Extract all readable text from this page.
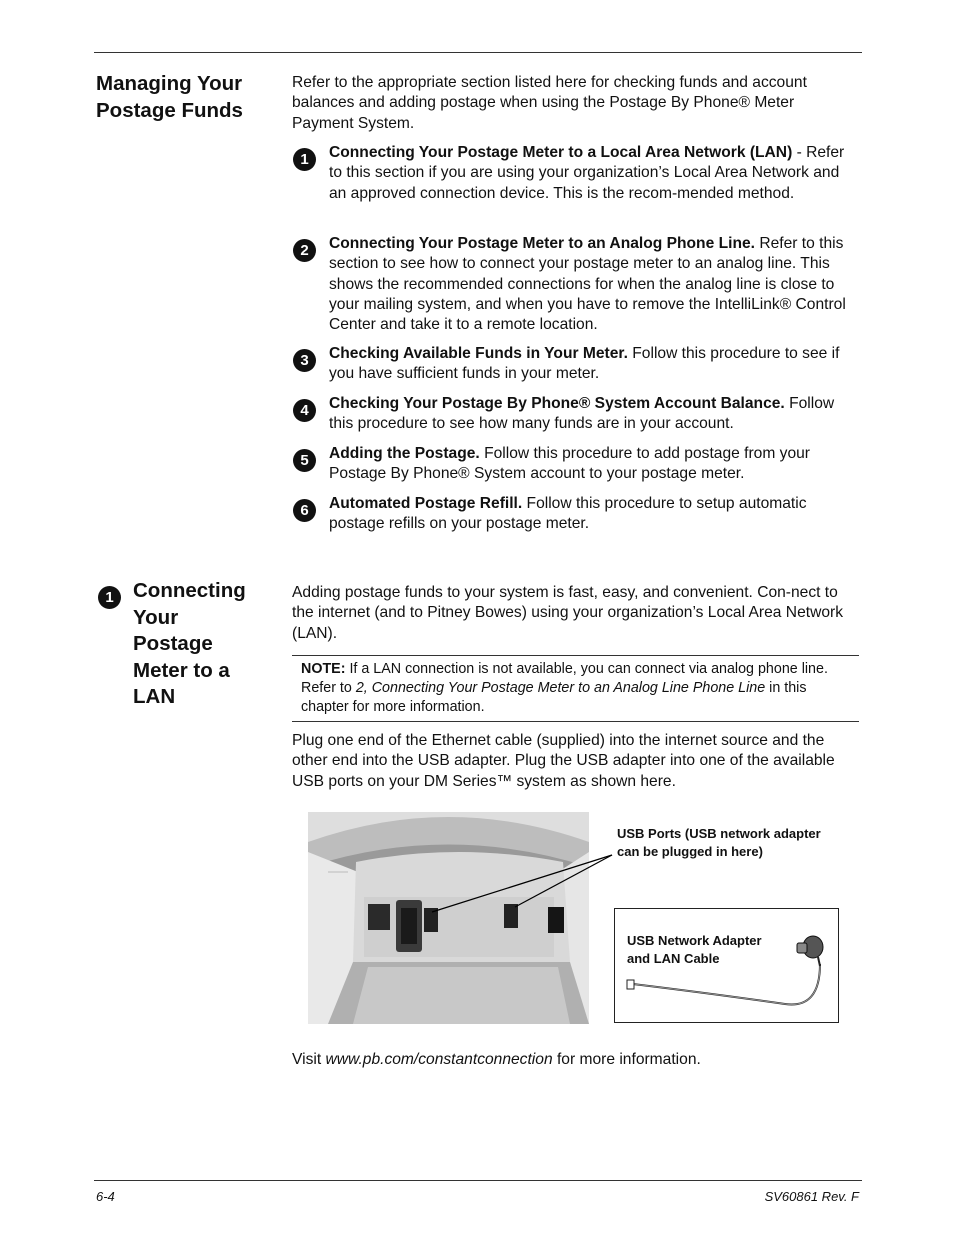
Managing Your Postage Funds
Refer to the appropriate section listed here for checking funds and account balances and adding postage when using the Postage By Phone® Meter Payment System.
1	Connecting Your Postage Meter to a Local Area Network (LAN) - Refer to this section if you are using your organization’s Local Area Network and an approved connection device. This is the recom-mended method.
2	Connecting Your Postage Meter to an Analog Phone Line. Refer to this section to see how to connect your postage meter to an analog line. This shows the recommended connections for when the analog line is close to your mailing system, and when you have to remove the IntelliLink® Control Center and take it to a remote location.
3	Checking Available Funds in Your Meter. Follow this procedure to see if you have sufficient funds in your meter.
4	Checking Your Postage By Phone® System Account Balance. Follow this procedure to see how many funds are in your account.
5	Adding the Postage. Follow this procedure to add postage from your Postage By Phone® System account to your postage meter.
6	Automated Postage Refill. Follow this procedure to setup automatic postage refills on your postage meter.
1 Connecting
Your
Postage
Meter to a
LAN
Adding postage funds to your system is fast, easy, and convenient. Con-nect to the internet (and to Pitney Bowes) using your organization’s Local Area Network (LAN).
NOTE: If a LAN connection is not available, you can connect via analog phone line. Refer to 2, Connecting Your Postage Meter to an Analog Line Phone Line in this chapter for more information.
Plug one end of the Ethernet cable (supplied) into the internet source and the other end into the USB adapter. Plug the USB adapter into one of the available USB ports on your DM Series™ system as shown here.
USB Ports (USB network adapter
can be plugged in here)
USB Network Adapter
and LAN Cable
Visit www.pb.com/constantconnection for more information.
6-4	SV60861 Rev. F
